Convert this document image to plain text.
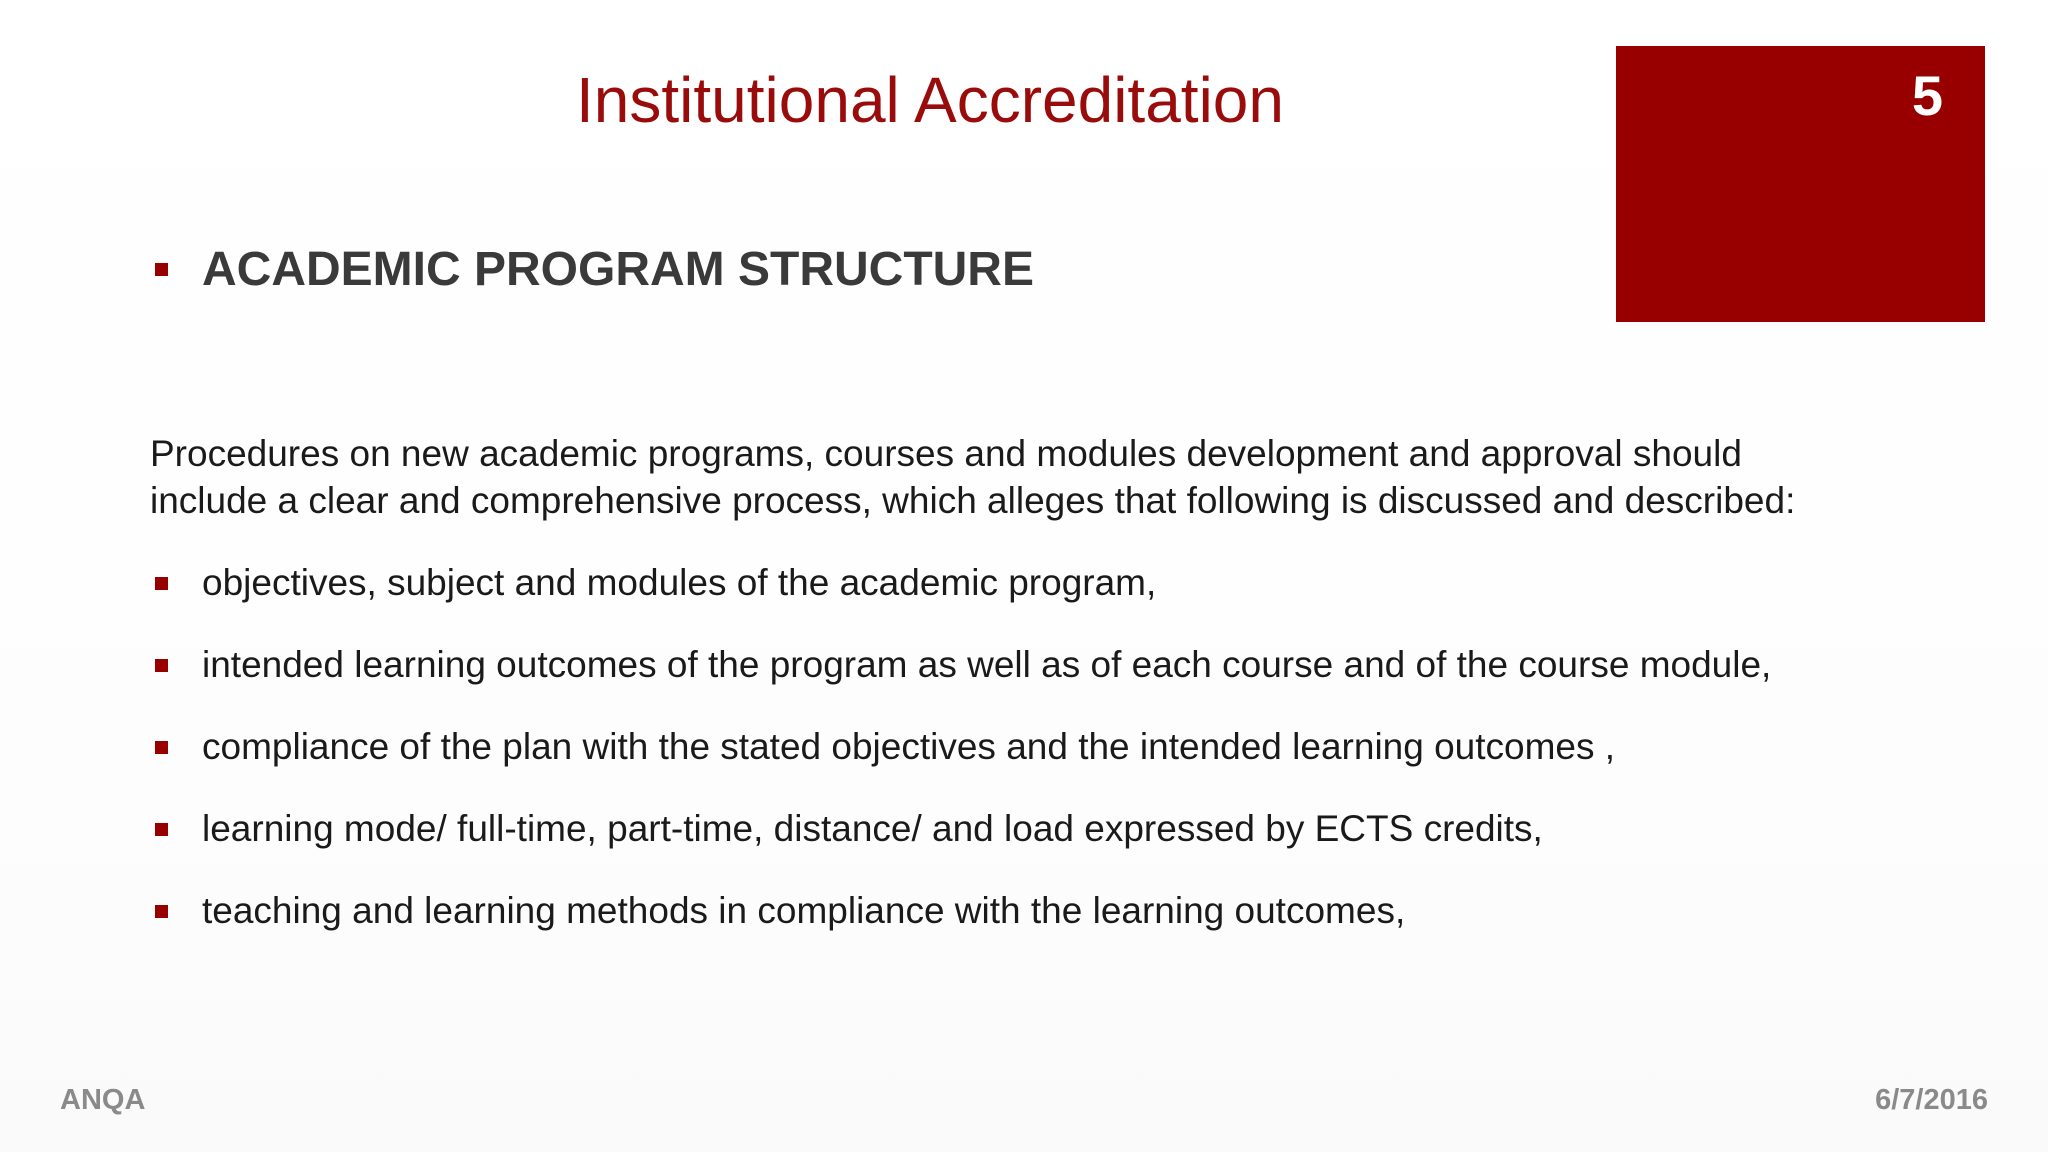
Institutional Accreditation	5
ACADEMIC PROGRAM STRUCTURE
Procedures on new academic programs, courses and modules development and approval should
include a clear and comprehensive process, which alleges that following is discussed and described:
objectives, subject and modules of the academic program,
intended learning outcomes of the program as well as of each course and of the course module,
compliance of the plan with the stated objectives and the intended learning outcomes ,
learning mode/ full-time, part-time, distance/ and load expressed by ECTS credits,
teaching and learning methods in compliance with the learning outcomes,
ANQA	6/7/2016
